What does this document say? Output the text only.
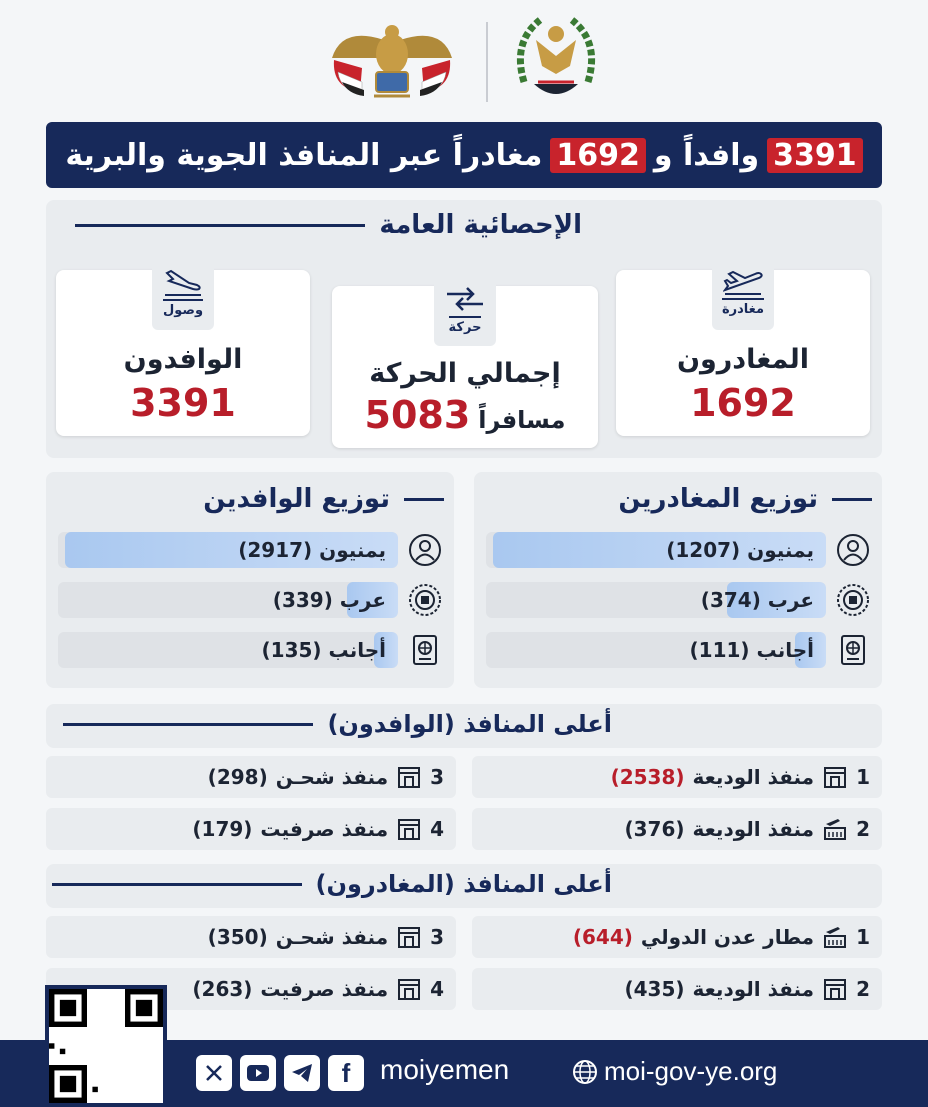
3391
وافداً و
1692
مغادراً عبر المنافذ الجوية والبرية
الإحصائية العامة
مغادرة
المغادرون
1692
حركة
إجمالي الحركة
مسافراً
5083
وصول
الوافدون
3391
توزيع المغادرين
يمنيون (1207)
عرب (374)
أجانب (111)
توزيع الوافدين
يمنيون (2917)
عرب (339)
أجانب (135)
أعلى المنافذ (الوافدون)
1
منفذ الوديعة
(2538)
3
منفذ شحـن
(298)
2
منفذ الوديعة
(376)
4
منفذ صرفيت
(179)
أعلى المنافذ (المغادرون)
1
مطار عدن الدولي
(644)
3
منفذ شحـن
(350)
2
منفذ الوديعة
(435)
4
منفذ صرفيت
(263)
f moiyemen	moi-gov-ye.org
